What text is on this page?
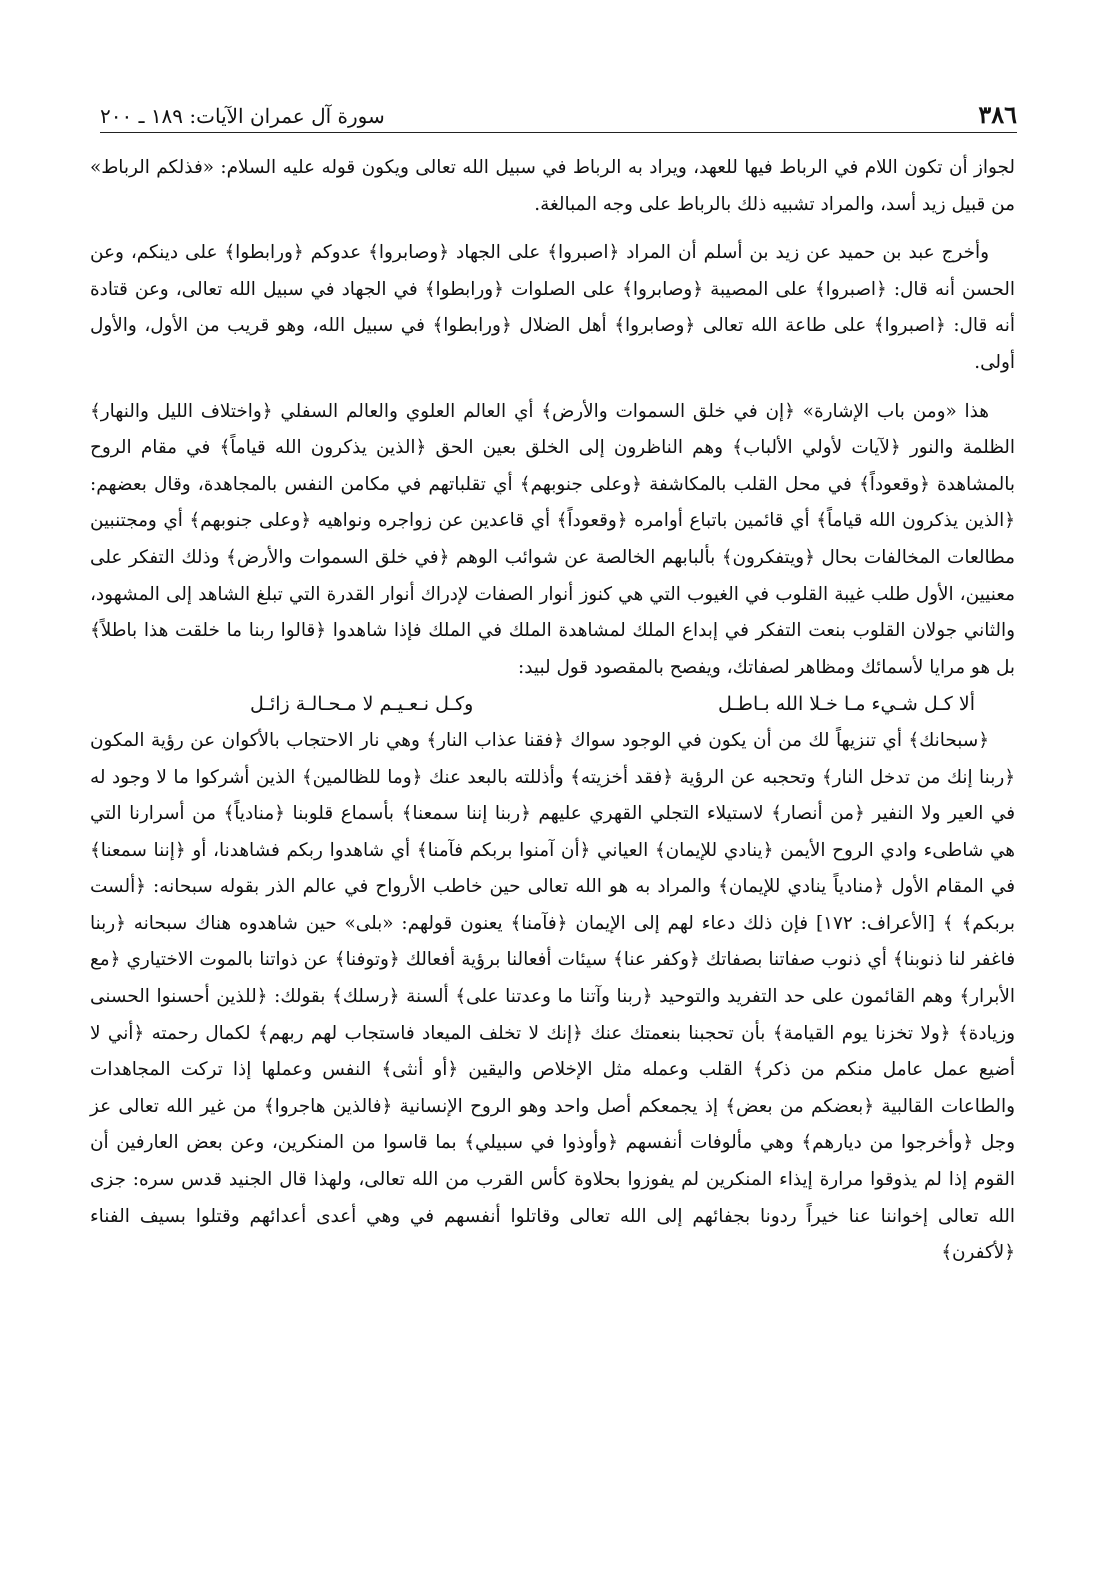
٣٨٦
سورة آل عمران الآيات: ١٨٩ ـ ٢٠٠

لجواز أن تكون اللام في الرباط فيها للعهد، ويراد به الرباط في سبيل الله تعالى ويكون قوله عليه السلام: «فذلكم الرباط» من قبيل زيد أسد، والمراد تشبيه ذلك بالرباط على وجه المبالغة.

وأخرج عبد بن حميد عن زيد بن أسلم أن المراد ﴿اصبروا﴾ على الجهاد ﴿وصابروا﴾ عدوكم ﴿ورابطوا﴾ على دينكم، وعن الحسن أنه قال: ﴿اصبروا﴾ على المصيبة ﴿وصابروا﴾ على الصلوات ﴿ورابطوا﴾ في الجهاد في سبيل الله تعالى، وعن قتادة أنه قال: ﴿اصبروا﴾ على طاعة الله تعالى ﴿وصابروا﴾ أهل الضلال ﴿ورابطوا﴾ في سبيل الله، وهو قريب من الأول، والأول أولى.

هذا «ومن باب الإشارة» ﴿إن في خلق السموات والأرض﴾ أي العالم العلوي والعالم السفلي ﴿واختلاف الليل والنهار﴾ الظلمة والنور ﴿لآيات لأولي الألباب﴾ وهم الناظرون إلى الخلق بعين الحق ﴿الذين يذكرون الله قياماً﴾ في مقام الروح بالمشاهدة ﴿وقعوداً﴾ في محل القلب بالمكاشفة ﴿وعلى جنوبهم﴾ أي تقلباتهم في مكامن النفس بالمجاهدة، وقال بعضهم: ﴿الذين يذكرون الله قياماً﴾ أي قائمين باتباع أوامره ﴿وقعوداً﴾ أي قاعدين عن زواجره ونواهيه ﴿وعلى جنوبهم﴾ أي ومجتنبين مطالعات المخالفات بحال ﴿ويتفكرون﴾ بألبابهم الخالصة عن شوائب الوهم ﴿في خلق السموات والأرض﴾ وذلك التفكر على معنيين، الأول طلب غيبة القلوب في الغيوب التي هي كنوز أنوار الصفات لإدراك أنوار القدرة التي تبلغ الشاهد إلى المشهود، والثاني جولان القلوب بنعت التفكر في إبداع الملك لمشاهدة الملك في الملك فإذا شاهدوا ﴿قالوا ربنا ما خلقت هذا باطلاً﴾ بل هو مرايا لأسمائك ومظاهر لصفاتك، ويفصح بالمقصود قول لبيد:

ألا كـل شـيء مـا خـلا الله بـاطـل
وكـل نـعـيـم لا مـحـالـة زائـل

﴿سبحانك﴾ أي تنزيهاً لك من أن يكون في الوجود سواك ﴿فقنا عذاب النار﴾ وهي نار الاحتجاب بالأكوان عن رؤية المكون ﴿ربنا إنك من تدخل النار﴾ وتحجبه عن الرؤية ﴿فقد أخزيته﴾ وأذللته بالبعد عنك ﴿وما للظالمين﴾ الذين أشركوا ما لا وجود له في العير ولا النفير ﴿من أنصار﴾ لاستيلاء التجلي القهري عليهم ﴿ربنا إننا سمعنا﴾ بأسماع قلوبنا ﴿منادياً﴾ من أسرارنا التي هي شاطىء وادي الروح الأيمن ﴿ينادي للإيمان﴾ العياني ﴿أن آمنوا بربكم فآمنا﴾ أي شاهدوا ربكم فشاهدنا، أو ﴿إننا سمعنا﴾ في المقام الأول ﴿منادياً ينادي للإيمان﴾ والمراد به هو الله تعالى حين خاطب الأرواح في عالم الذر بقوله سبحانه: ﴿ألست بربكم﴾ ﴾ [الأعراف: ١٧٢] فإن ذلك دعاء لهم إلى الإيمان ﴿فآمنا﴾ يعنون قولهم: «بلى» حين شاهدوه هناك سبحانه ﴿ربنا فاغفر لنا ذنوبنا﴾ أي ذنوب صفاتنا بصفاتك ﴿وكفر عنا﴾ سيئات أفعالنا برؤية أفعالك ﴿وتوفنا﴾ عن ذواتنا بالموت الاختياري ﴿مع الأبرار﴾ وهم القائمون على حد التفريد والتوحيد ﴿ربنا وآتنا ما وعدتنا على﴾ ألسنة ﴿رسلك﴾ بقولك: ﴿للذين أحسنوا الحسنى وزيادة﴾ ﴿ولا تخزنا يوم القيامة﴾ بأن تحجبنا بنعمتك عنك ﴿إنك لا تخلف الميعاد فاستجاب لهم ربهم﴾ لكمال رحمته ﴿أني لا أضيع عمل عامل منكم من ذكر﴾ القلب وعمله مثل الإخلاص واليقين ﴿أو أنثى﴾ النفس وعملها إذا تركت المجاهدات والطاعات القالبية ﴿بعضكم من بعض﴾ إذ يجمعكم أصل واحد وهو الروح الإنسانية ﴿فالذين هاجروا﴾ من غير الله تعالى عز وجل ﴿وأخرجوا من ديارهم﴾ وهي مألوفات أنفسهم ﴿وأوذوا في سبيلي﴾ بما قاسوا من المنكرين، وعن بعض العارفين أن القوم إذا لم يذوقوا مرارة إيذاء المنكرين لم يفوزوا بحلاوة كأس القرب من الله تعالى، ولهذا قال الجنيد قدس سره: جزى الله تعالى إخواننا عنا خيراً ردونا بجفائهم إلى الله تعالى وقاتلوا أنفسهم في وهي أعدى أعدائهم وقتلوا بسيف الفناء ﴿لأكفرن﴾
